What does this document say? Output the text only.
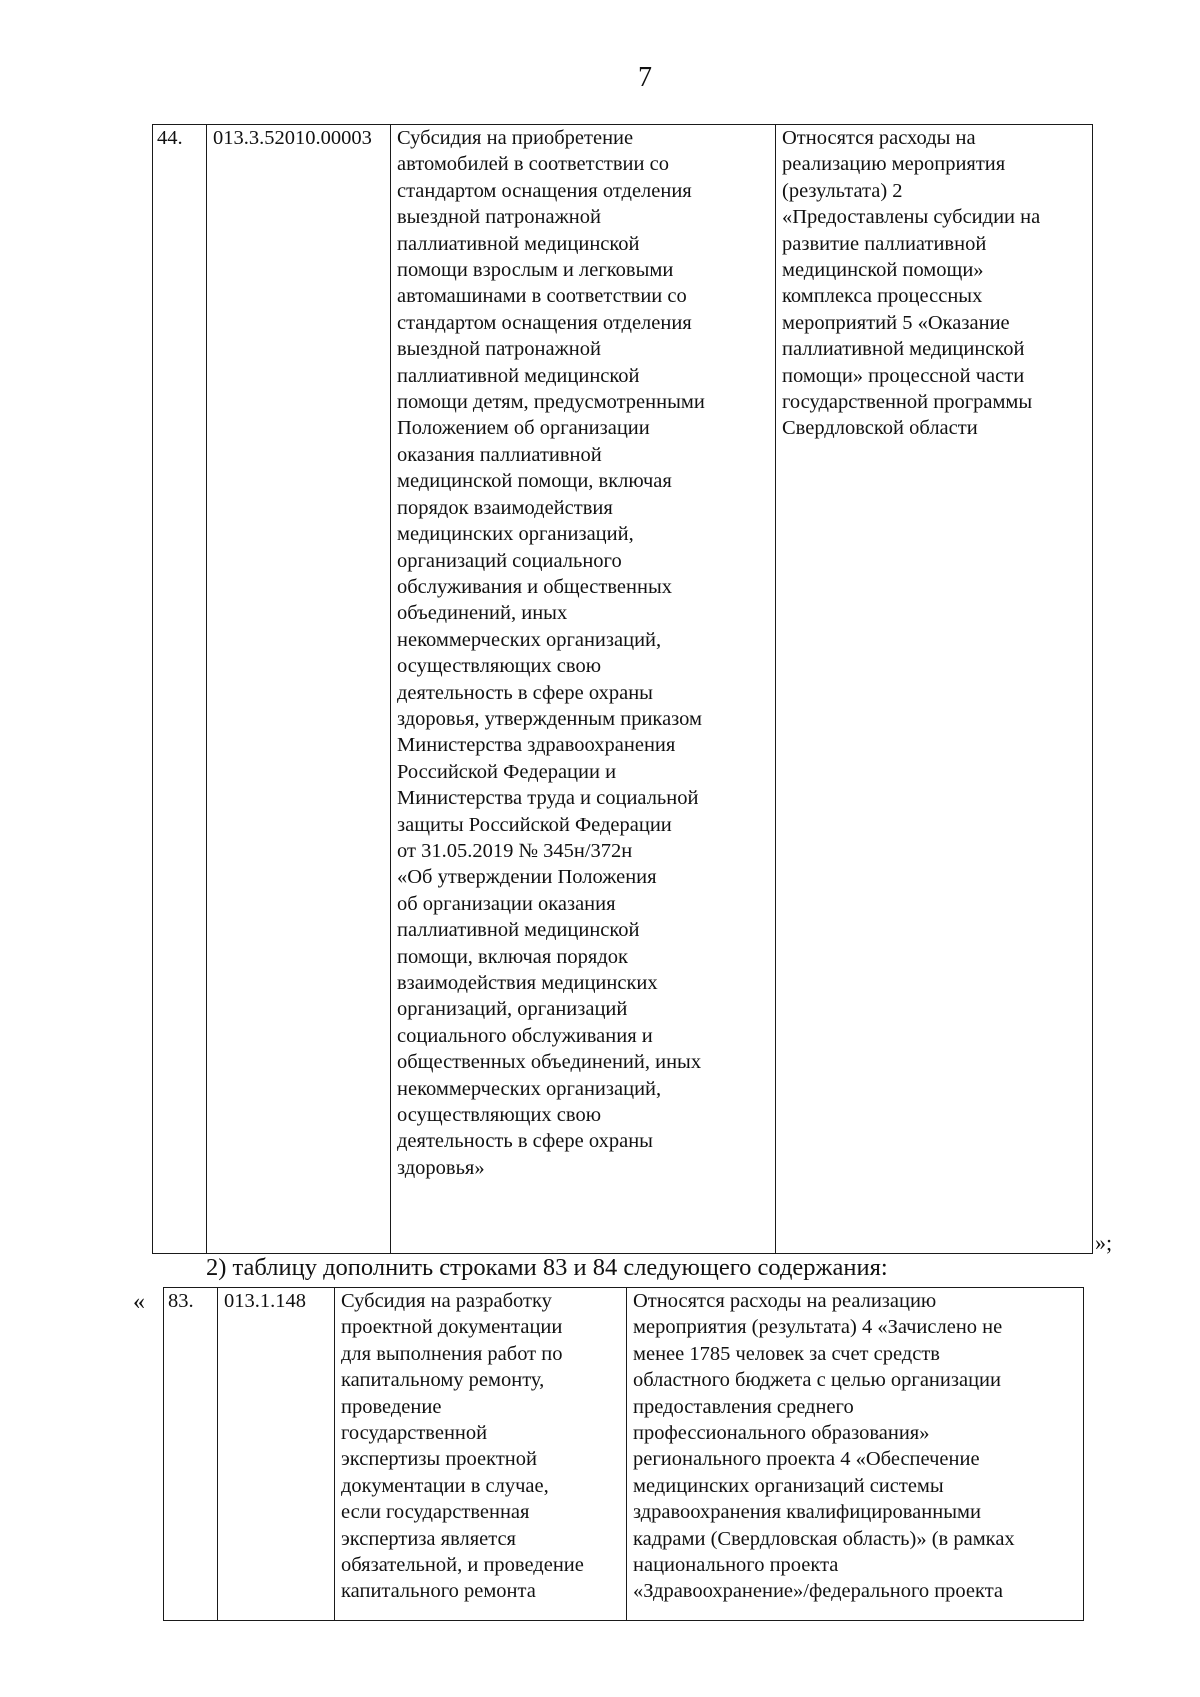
7
44.	013.3.52010.00003	Субсидия на приобретение
автомобилей в соответствии со
стандартом оснащения отделения
выездной патронажной
паллиативной медицинской
помощи взрослым и легковыми
автомашинами в соответствии со
стандартом оснащения отделения
выездной патронажной
паллиативной медицинской
помощи детям, предусмотренными
Положением об организации
оказания паллиативной
медицинской помощи, включая
порядок взаимодействия
медицинских организаций,
организаций социального
обслуживания и общественных
объединений, иных
некоммерческих организаций,
осуществляющих свою
деятельность в сфере охраны
здоровья, утвержденным приказом
Министерства здравоохранения
Российской Федерации и
Министерства труда и социальной
защиты Российской Федерации
от 31.05.2019 № 345н/372н
«Об утверждении Положения
об организации оказания
паллиативной медицинской
помощи, включая порядок
взаимодействия медицинских
организаций, организаций
социального обслуживания и
общественных объединений, иных
некоммерческих организаций,
осуществляющих свою
деятельность в сфере охраны
здоровья»	Относятся расходы на
реализацию мероприятия
(результата) 2
«Предоставлены субсидии на
развитие паллиативной
медицинской помощи»
комплекса процессных
мероприятий 5 «Оказание
паллиативной медицинской
помощи» процессной части
государственной программы
Свердловской области
»;
2) таблицу дополнить строками 83 и 84 следующего содержания:
« 83.	013.1.148	Субсидия на разработку
проектной документации
для выполнения работ по
капитальному ремонту,
проведение
государственной
экспертизы проектной
документации в случае,
если государственная
экспертиза является
обязательной, и проведение
капитального ремонта	Относятся расходы на реализацию
мероприятия (результата) 4 «Зачислено не
менее 1785 человек за счет средств
областного бюджета с целью организации
предоставления среднего
профессионального образования»
регионального проекта 4 «Обеспечение
медицинских организаций системы
здравоохранения квалифицированными
кадрами (Свердловская область)» (в рамках
национального проекта
«Здравоохранение»/федерального проекта
